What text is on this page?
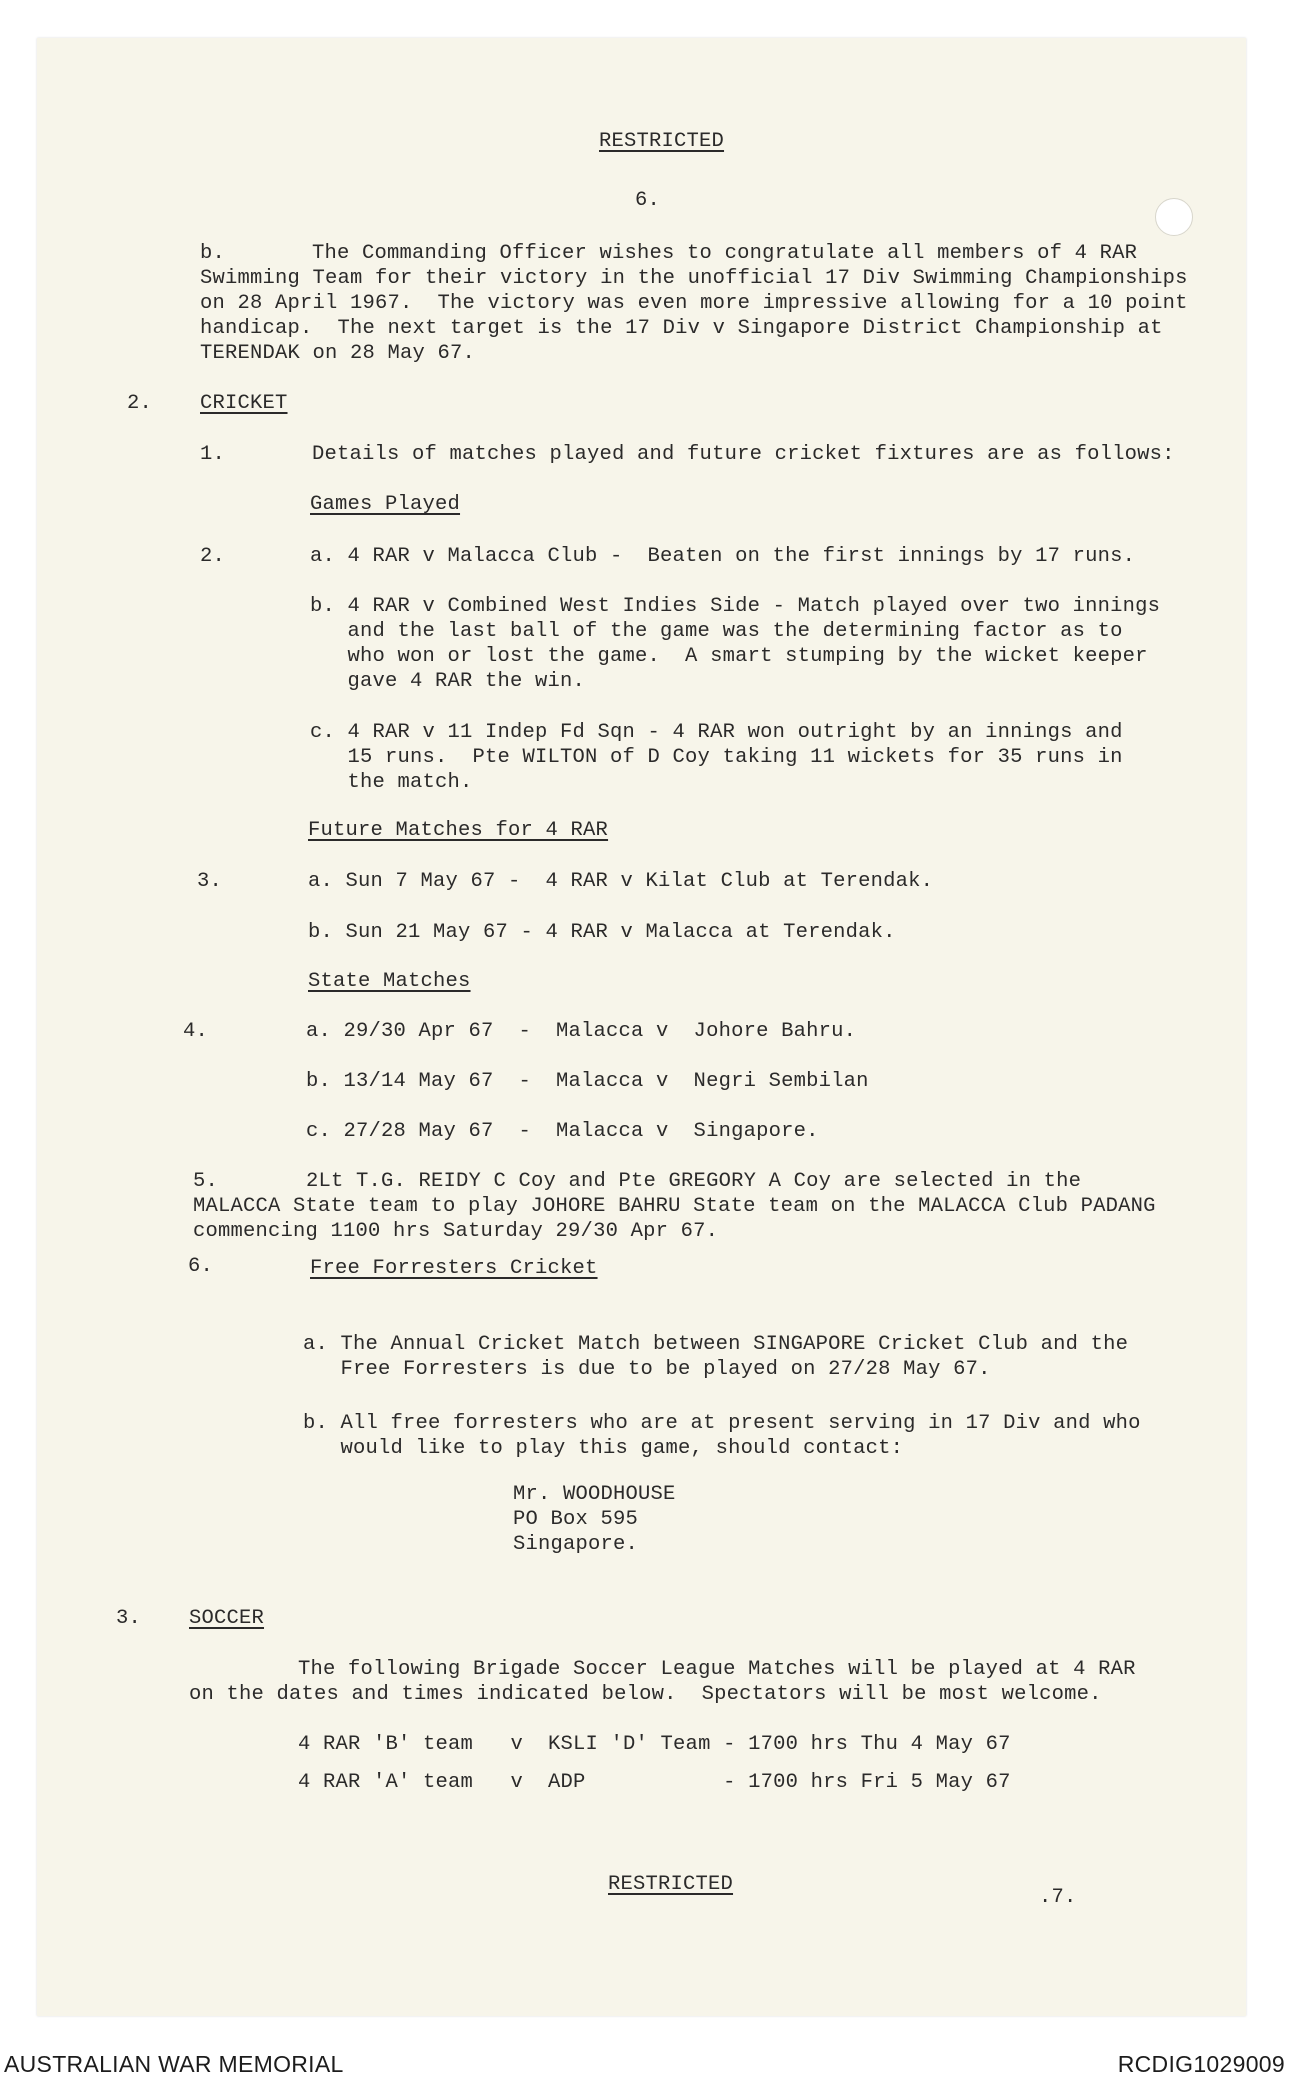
RESTRICTED
6.
b.	The Commanding Officer wishes to congratulate all members of 4 RAR
Swimming Team for their victory in the unofficial 17 Div Swimming Championships
on 28 April 1967.  The victory was even more impressive allowing for a 10 point
handicap.  The next target is the 17 Div v Singapore District Championship at
TERENDAK on 28 May 67.
2. CRICKET
1.	Details of matches played and future cricket fixtures are as follows:
Games Played
2.	a. 4 RAR v Malacca Club -  Beaten on the first innings by 17 runs.
b. 4 RAR v Combined West Indies Side - Match played over two innings
and the last ball of the game was the determining factor as to
who won or lost the game.  A smart stumping by the wicket keeper
gave 4 RAR the win.
c. 4 RAR v 11 Indep Fd Sqn - 4 RAR won outright by an innings and
15 runs.  Pte WILTON of D Coy taking 11 wickets for 35 runs in
the match.
Future Matches for 4 RAR
3.	a. Sun 7 May 67 -  4 RAR v Kilat Club at Terendak.
b. Sun 21 May 67 - 4 RAR v Malacca at Terendak.
State Matches
4.	a. 29/30 Apr 67  -  Malacca v  Johore Bahru.
b. 13/14 May 67  -  Malacca v  Negri Sembilan
c. 27/28 May 67  -  Malacca v  Singapore.
5.	2Lt T.G. REIDY C Coy and Pte GREGORY A Coy are selected in the
MALACCA State team to play JOHORE BAHRU State team on the MALACCA Club PADANG
commencing 1100 hrs Saturday 29/30 Apr 67.
6.	Free Forresters Cricket
a. The Annual Cricket Match between SINGAPORE Cricket Club and the
Free Forresters is due to be played on 27/28 May 67.
b. All free forresters who are at present serving in 17 Div and who
would like to play this game, should contact:
Mr. WOODHOUSE
PO Box 595
Singapore.
3. SOCCER
The following Brigade Soccer League Matches will be played at 4 RAR
on the dates and times indicated below.  Spectators will be most welcome.
4 RAR 'B' team   v  KSLI 'D' Team - 1700 hrs Thu 4 May 67
4 RAR 'A' team   v  ADP           - 1700 hrs Fri 5 May 67
RESTRICTED
.7.
AUSTRALIAN WAR MEMORIAL	RCDIG1029009
